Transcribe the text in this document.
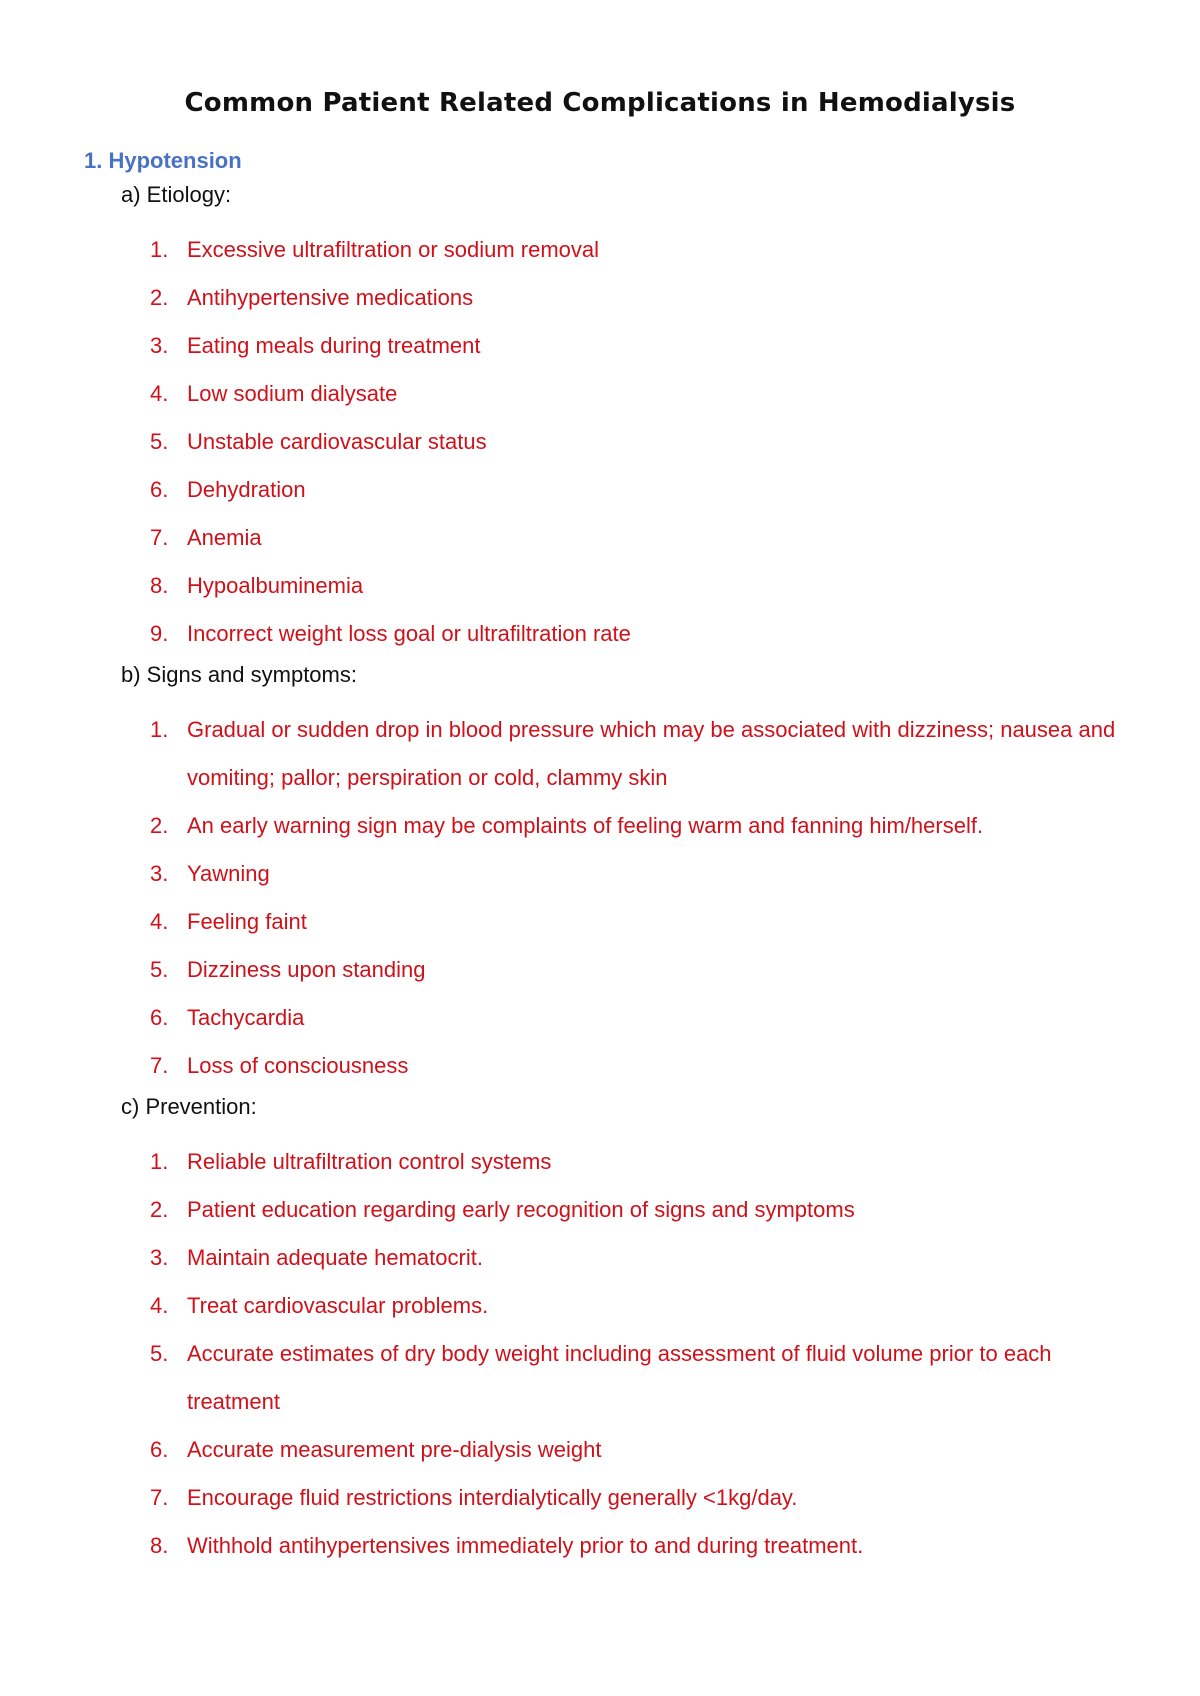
Common Patient Related Complications in Hemodialysis
1. Hypotension
a) Etiology:
1. Excessive ultrafiltration or sodium removal
2. Antihypertensive medications
3. Eating meals during treatment
4. Low sodium dialysate
5. Unstable cardiovascular status
6. Dehydration
7. Anemia
8. Hypoalbuminemia
9. Incorrect weight loss goal or ultrafiltration rate
b) Signs and symptoms:
1. Gradual or sudden drop in blood pressure which may be associated with dizziness; nausea and vomiting; pallor; perspiration or cold, clammy skin
2. An early warning sign may be complaints of feeling warm and fanning him/herself.
3. Yawning
4. Feeling faint
5. Dizziness upon standing
6. Tachycardia
7. Loss of consciousness
c) Prevention:
1. Reliable ultrafiltration control systems
2. Patient education regarding early recognition of signs and symptoms
3. Maintain adequate hematocrit.
4. Treat cardiovascular problems.
5. Accurate estimates of dry body weight including assessment of fluid volume prior to each treatment
6. Accurate measurement pre-dialysis weight
7. Encourage fluid restrictions interdialytically generally <1kg/day.
8. Withhold antihypertensives immediately prior to and during treatment.
